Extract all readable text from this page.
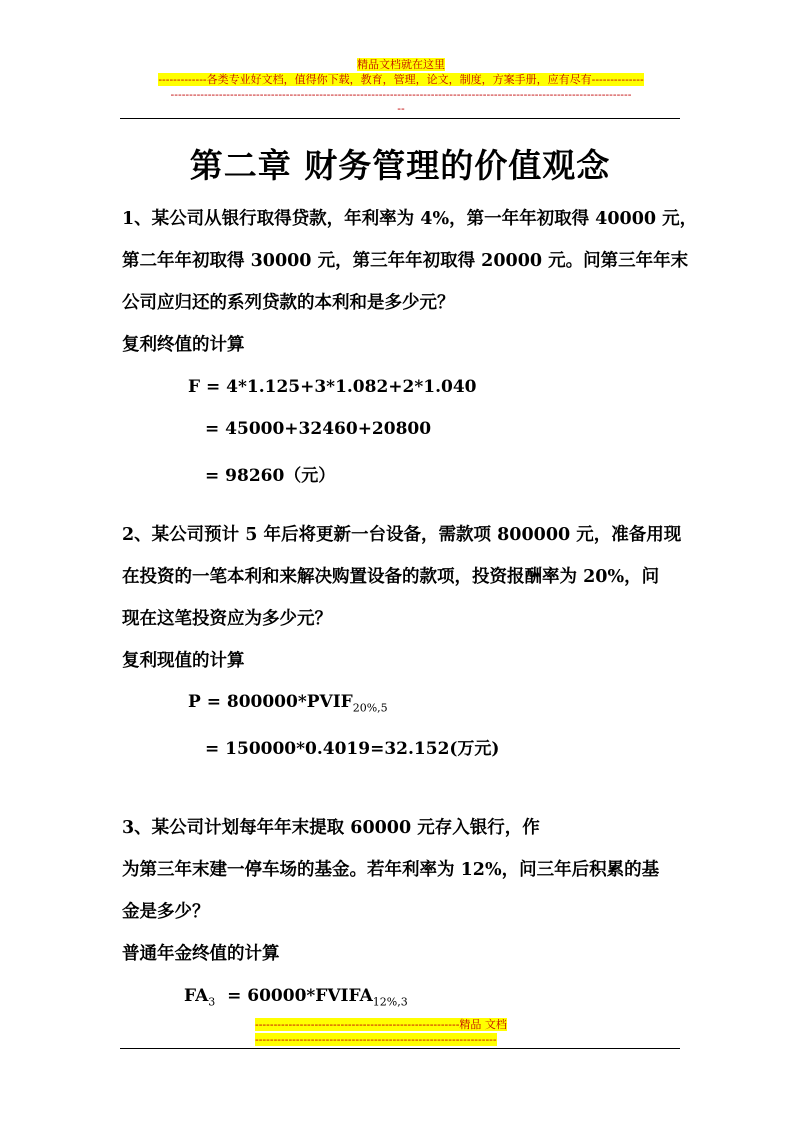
精品文档就在这里
-------------各类专业好文档，值得你下载，教育，管理，论文，制度，方案手册，应有尽有--------------
----------------------------------------------------------------------------------------------------------------------------
--
第二章 财务管理的价值观念
1、某公司从银行取得贷款，年利率为 4%，第一年年初取得 40000 元，
第二年年初取得 30000 元，第三年年初取得 20000 元。问第三年年末
公司应归还的系列贷款的本利和是多少元？
复利终值的计算
F = 4*1.125+3*1.082+2*1.040
= 45000+32460+20800
= 98260（元）
2、某公司预计 5 年后将更新一台设备，需款项 800000 元，准备用现
在投资的一笔本利和来解决购置设备的款项，投资报酬率为 20%，问
现在这笔投资应为多少元？
复利现值的计算
$P = 800000*PVIF_{20\%,5}$
= 150000*0.4019=32.152(万元)
3、某公司计划每年年末提取 60000 元存入银行，作
为第三年末建一停车场的基金。若年利率为 12%，问三年后积累的基
金是多少？
普通年金终值的计算
$FA_3$  = $60000*FVIFA_{12\%,3}$
-------------------------------------------------------精品 文档
-----------------------------------------------------------------
